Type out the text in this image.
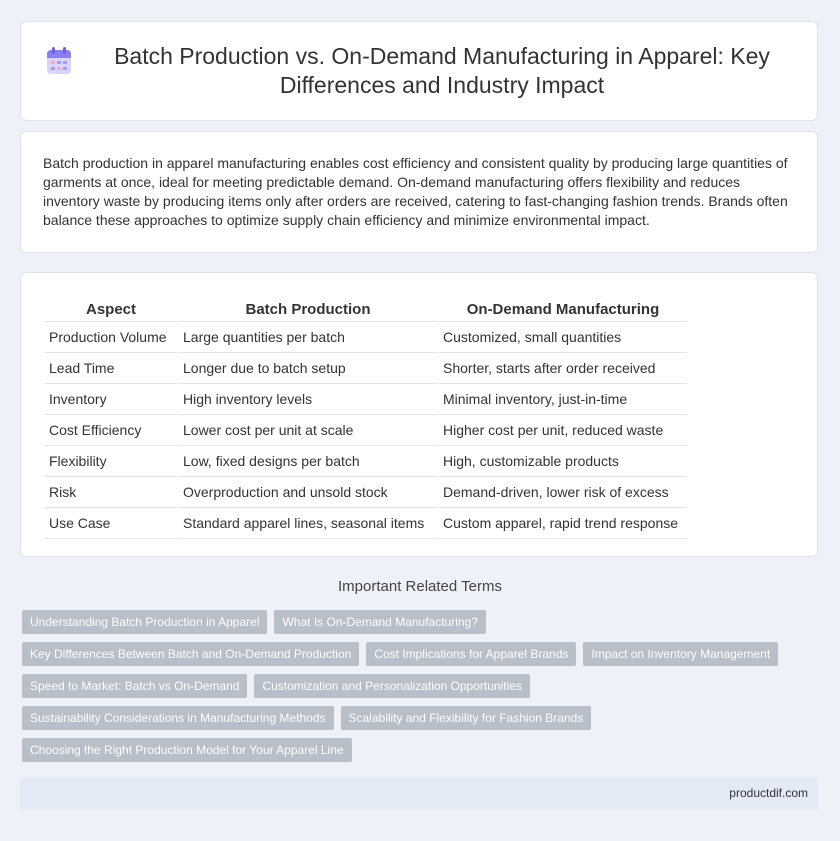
Batch Production vs. On-Demand Manufacturing in Apparel: Key Differences and Industry Impact

Batch production in apparel manufacturing enables cost efficiency and consistent quality by producing large quantities of garments at once, ideal for meeting predictable demand. On-demand manufacturing offers flexibility and reduces inventory waste by producing items only after orders are received, catering to fast-changing fashion trends. Brands often balance these approaches to optimize supply chain efficiency and minimize environmental impact.

Aspect	Batch Production	On-Demand Manufacturing
Production Volume	Large quantities per batch	Customized, small quantities
Lead Time	Longer due to batch setup	Shorter, starts after order received
Inventory	High inventory levels	Minimal inventory, just-in-time
Cost Efficiency	Lower cost per unit at scale	Higher cost per unit, reduced waste
Flexibility	Low, fixed designs per batch	High, customizable products
Risk	Overproduction and unsold stock	Demand-driven, lower risk of excess
Use Case	Standard apparel lines, seasonal items	Custom apparel, rapid trend response
Important Related Terms
Understanding Batch Production in Apparel	What Is On-Demand Manufacturing?
Key Differences Between Batch and On-Demand Production	Cost Implications for Apparel Brands	Impact on Inventory Management
Speed to Market: Batch vs On-Demand	Customization and Personalization Opportunities
Sustainability Considerations in Manufacturing Methods	Scalability and Flexibility for Fashion Brands
Choosing the Right Production Model for Your Apparel Line
productdif.com
